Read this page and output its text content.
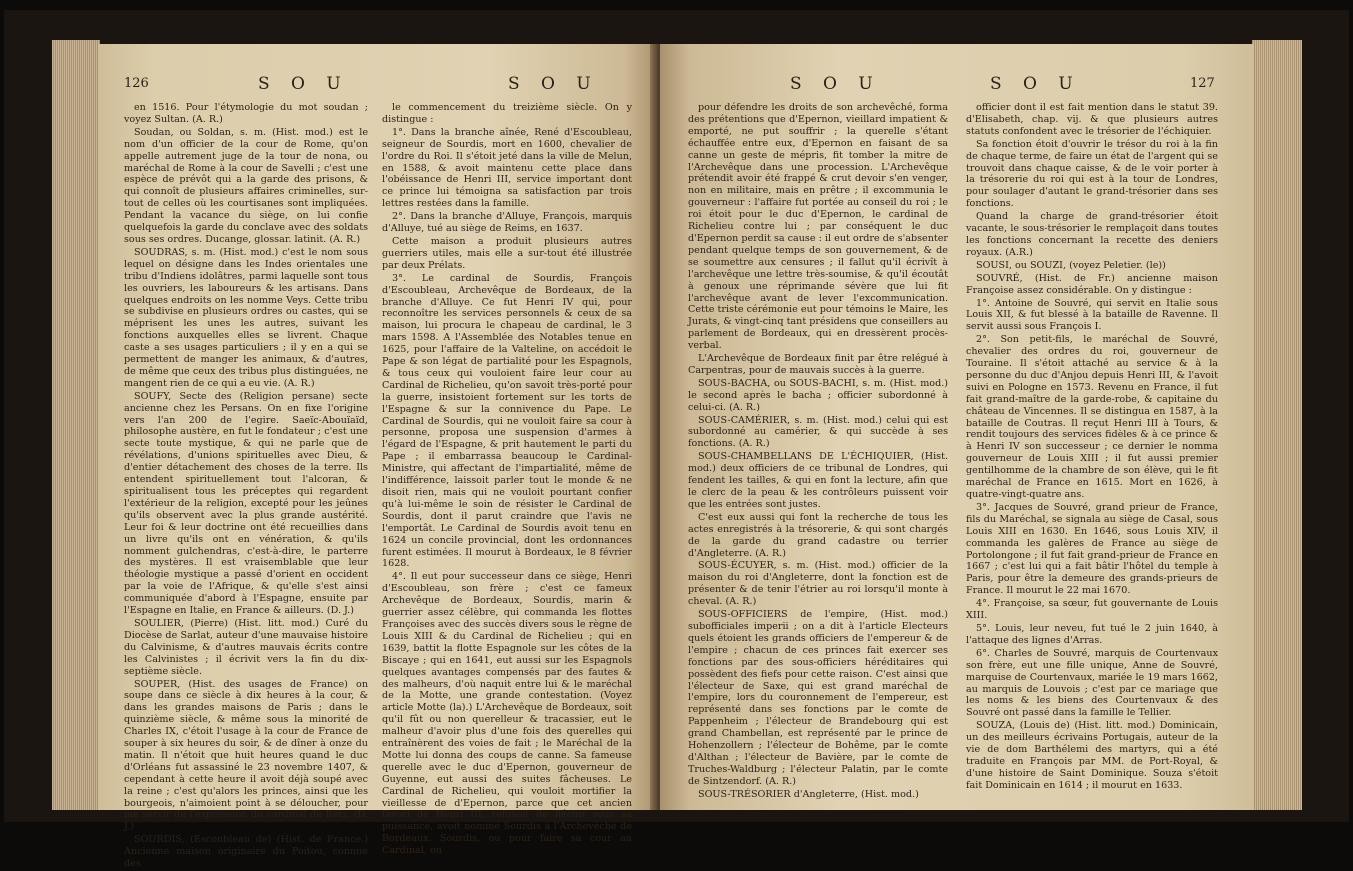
126	S O U	S O U

en 1516. Pour l'étymologie du mot soudan ; voyez Sultan. (A. R.)

Soudan, ou Soldan, s. m. (Hist. mod.) est le nom d'un officier de la cour de Rome, qu'on appelle autrement juge de la tour de nona, ou maréchal de Rome à la cour de Savelli ; c'est une espèce de prévôt qui a la garde des prisons, & qui connoît de plusieurs affaires criminelles, sur-tout de celles où les courtisanes sont impliquées. Pendant la vacance du siège, on lui confie quelquefois la garde du conclave avec des soldats sous ses ordres. Ducange, glossar. latinit. (A. R.)

SOUDRAS, s. m. (Hist. mod.) c'est le nom sous lequel on désigne dans les Indes orientales une tribu d'Indiens idolâtres, parmi laquelle sont tous les ouvriers, les laboureurs & les artisans. Dans quelques endroits on les nomme Veys. Cette tribu se subdivise en plusieurs ordres ou castes, qui se méprisent les unes les autres, suivant les fonctions auxquelles elles se livrent. Chaque caste a ses usages particuliers ; il y en a qui se permettent de manger les animaux, & d'autres, de même que ceux des tribus plus distinguées, ne mangent rien de ce qui a eu vie. (A. R.)

SOUFY, Secte des (Religion persane) secte ancienne chez les Persans. On en fixe l'origine vers l'an 200 de l'egire. Saeïc-Abouïaïd, philosophe austère, en fut le fondateur ; c'est une secte toute mystique, & qui ne parle que de révélations, d'unions spirituelles avec Dieu, & d'entier détachement des choses de la terre. Ils entendent spirituellement tout l'alcoran, & spiritualisent tous les préceptes qui regardent l'extérieur de la religion, excepté pour les jeûnes qu'ils observent avec la plus grande austérité. Leur foi & leur doctrine ont été recueillies dans un livre qu'ils ont en vénération, & qu'ils nomment gulchendras, c'est-à-dire, le parterre des mystères. Il est vraisemblable que leur théologie mystique a passé d'orient en occident par la voie de l'Afrique, & qu'elle s'est ainsi communiquée d'abord à l'Espagne, ensuite par l'Espagne en Italie, en France & ailleurs. (D. J.)

SOULIER, (Pierre) (Hist. litt. mod.) Curé du Diocèse de Sarlat, auteur d'une mauvaise histoire du Calvinisme, & d'autres mauvais écrits contre les Calvinistes ; il écrivit vers la fin du dix-septième siècle.

SOUPER, (Hist. des usages de France) on soupe dans ce siècle à dix heures à la cour, & dans les grandes maisons de Paris ; dans le quinzième siècle, & même sous la minorité de Charles IX, c'étoit l'usage à la cour de France de souper à six heures du soir, & de dîner à onze du matin. Il n'étoit que huit heures quand le duc d'Orléans fut assassiné le 23 novembre 1407, & cependant à cette heure il avoit déjà soupé avec la reine ; c'est qu'alors les princes, ainsi que les bourgeois, n'aimoient point à se déloucher, pour me servir de l'expression du cardinal de Retz. (D. J.)

SOURDIS, (Escoubleau de) (Hist. de France.) Ancienne maison originaire du Poitou, connue dès

le commencement du treizième siècle. On y distingue :

1°. Dans la branche aînée, René d'Escoubleau, seigneur de Sourdis, mort en 1600, chevalier de l'ordre du Roi. Il s'étoit jeté dans la ville de Melun, en 1588, & avoit maintenu cette place dans l'obéissance de Henri III, service important dont ce prince lui témoigna sa satisfaction par trois lettres restées dans la famille.

2°. Dans la branche d'Alluye, François, marquis d'Alluye, tué au siège de Reims, en 1637.

Cette maison a produit plusieurs autres guerriers utiles, mais elle a sur-tout été illustrée par deux Prélats.

3°. Le cardinal de Sourdis, François d'Escoubleau, Archevêque de Bordeaux, de la branche d'Alluye. Ce fut Henri IV qui, pour reconnoître les services personnels & ceux de sa maison, lui procura le chapeau de cardinal, le 3 mars 1598. A l'Assemblée des Notables tenue en 1625, pour l'affaire de la Valteline, on accédoit le Pape & son légat de partialité pour les Espagnols, & tous ceux qui vouloient faire leur cour au Cardinal de Richelieu, qu'on savoit très-porté pour la guerre, insistoient fortement sur les torts de l'Espagne & sur la connivence du Pape. Le Cardinal de Sourdis, qui ne vouloit faire sa cour à personne, proposa une suspension d'armes à l'égard de l'Espagne, & prit hautement le parti du Pape ; il embarrassa beaucoup le Cardinal-Ministre, qui affectant de l'impartialité, même de l'indifférence, laissoit parler tout le monde & ne disoit rien, mais qui ne vouloit pourtant confier qu'à lui-même le soin de résister le Cardinal de Sourdis, dont il parut craindre que l'avis ne l'emportât. Le Cardinal de Sourdis avoit tenu en 1624 un concile provincial, dont les ordonnances furent estimées. Il mourut à Bordeaux, le 8 février 1628.

4°. Il eut pour successeur dans ce siège, Henri d'Escoubleau, son frère ; c'est ce fameux Archevêque de Bordeaux, Sourdis, marin & guerrier assez célèbre, qui commanda les flottes Françoises avec des succès divers sous le règne de Louis XIII & du Cardinal de Richelieu ; qui en 1639, battit la flotte Espagnole sur les côtes de la Biscaye ; qui en 1641, eut aussi sur les Espagnols quelques avantages compensés par des fautes & des malheurs, d'où naquit entre lui & le maréchal de la Motte, une grande contestation. (Voyez article Motte (la).) L'Archevêque de Bordeaux, soit qu'il fût ou non querelleur & tracassier, eut le malheur d'avoir plus d'une fois des querelles qui entraînèrent des voies de fait ; le Maréchal de la Motte lui donna des coups de canne. Sa fameuse querelle avec le duc d'Epernon, gouverneur de Guyenne, eut aussi des suites fâcheuses. Le Cardinal de Richelieu, qui vouloit mortifier la vieillesse de d'Epernon, parce que cet ancien favori de Henri III, refusoit de fléchir sous sa puissance, avoit nommé Sourdis à l'Archevêché de Bordeaux. Sourdis, ou pour faire sa cour au Cardinal, ou

S O U	S O U	127

pour défendre les droits de son archevêché, forma des prétentions que d'Epernon, vieillard impatient & emporté, ne put souffrir ; la querelle s'étant échauffée entre eux, d'Epernon en faisant de sa canne un geste de mépris, fit tomber la mitre de l'Archevêque dans une procession. L'Archevêque prétendit avoir été frappé & crut devoir s'en venger, non en militaire, mais en prêtre ; il excommunia le gouverneur : l'affaire fut portée au conseil du roi ; le roi étoit pour le duc d'Epernon, le cardinal de Richelieu contre lui ; par conséquent le duc d'Epernon perdit sa cause : il eut ordre de s'absenter pendant quelque temps de son gouvernement, & de se soumettre aux censures ; il fallut qu'il écrivît à l'archevêque une lettre très-soumise, & qu'il écoutât à genoux une réprimande sévère que lui fit l'archevêque avant de lever l'excommunication. Cette triste cérémonie eut pour témoins le Maire, les Jurats, & vingt-cinq tant présidens que conseillers au parlement de Bordeaux, qui en dressèrent procès-verbal.

L'Archevêque de Bordeaux finit par être relégué à Carpentras, pour de mauvais succès à la guerre.

SOUS-BACHA, ou SOUS-BACHI, s. m. (Hist. mod.) le second après le bacha ; officier subordonné à celui-ci. (A. R.)

SOUS-CAMÉRIER, s. m. (Hist. mod.) celui qui est subordonné au camérier, & qui succède à ses fonctions. (A. R.)

SOUS-CHAMBELLANS DE L'ÉCHIQUIER, (Hist. mod.) deux officiers de ce tribunal de Londres, qui fendent les tailles, & qui en font la lecture, afin que le clerc de la peau & les contrôleurs puissent voir que les entrées sont justes.

C'est eux aussi qui font la recherche de tous les actes enregistrés à la trésorerie, & qui sont chargés de la garde du grand cadastre ou terrier d'Angleterre. (A. R.)

SOUS-ÉCUYER, s. m. (Hist. mod.) officier de la maison du roi d'Angleterre, dont la fonction est de présenter & de tenir l'étrier au roi lorsqu'il monte à cheval. (A. R.)

SOUS-OFFICIERS de l'empire, (Hist. mod.) subofficiales imperii ; on a dit à l'article Electeurs quels étoient les grands officiers de l'empereur & de l'empire ; chacun de ces princes fait exercer ses fonctions par des sous-officiers héréditaires qui possèdent des fiefs pour cette raison. C'est ainsi que l'électeur de Saxe, qui est grand maréchal de l'empire, lors du couronnement de l'empereur, est représenté dans ses fonctions par le comte de Pappenheim ; l'électeur de Brandebourg qui est grand Chambellan, est représenté par le prince de Hohenzollern ; l'électeur de Bohême, par le comte d'Althan ; l'électeur de Bavière, par le comte de Truches-Waldburg ; l'électeur Palatin, par le comte de Sintzendorf. (A. R.)

SOUS-TRÉSORIER d'Angleterre, (Hist. mod.)

officier dont il est fait mention dans le statut 39. d'Elisabeth, chap. vij. & que plusieurs autres statuts confondent avec le trésorier de l'échiquier.

Sa fonction étoit d'ouvrir le trésor du roi à la fin de chaque terme, de faire un état de l'argent qui se trouvoit dans chaque caisse, & de le voir porter à la trésorerie du roi qui est à la tour de Londres, pour soulager d'autant le grand-trésorier dans ses fonctions.

Quand la charge de grand-trésorier étoit vacante, le sous-trésorier le remplaçoit dans toutes les fonctions concernant la recette des deniers royaux. (A.R.)

SOUSI, ou SOUZI, (voyez Peletier. (le))

SOUVRÉ, (Hist. de Fr.) ancienne maison Françoise assez considérable. On y distingue :

1°. Antoine de Souvré, qui servit en Italie sous Louis XII, & fut blessé à la bataille de Ravenne. Il servit aussi sous François I.

2°. Son petit-fils, le maréchal de Souvré, chevalier des ordres du roi, gouverneur de Touraine. Il s'étoit attaché au service & à la personne du duc d'Anjou depuis Henri III, & l'avoit suivi en Pologne en 1573. Revenu en France, il fut fait grand-maître de la garde-robe, & capitaine du château de Vincennes. Il se distingua en 1587, à la bataille de Coutras. Il reçut Henri III à Tours, & rendit toujours des services fidèles & à ce prince & à Henri IV son successeur ; ce dernier le nomma gouverneur de Louis XIII ; il fut aussi premier gentilhomme de la chambre de son élève, qui le fit maréchal de France en 1615. Mort en 1626, à quatre-vingt-quatre ans.

3°. Jacques de Souvré, grand prieur de France, fils du Maréchal, se signala au siège de Casal, sous Louis XIII en 1630. En 1646, sous Louis XIV, il commanda les galères de France au siège de Portolongone ; il fut fait grand-prieur de France en 1667 ; c'est lui qui a fait bâtir l'hôtel du temple à Paris, pour être la demeure des grands-prieurs de France. Il mourut le 22 mai 1670.

4°. Françoise, sa sœur, fut gouvernante de Louis XIII.

5°. Louis, leur neveu, fut tué le 2 juin 1640, à l'attaque des lignes d'Arras.

6°. Charles de Souvré, marquis de Courtenvaux son frère, eut une fille unique, Anne de Souvré, marquise de Courtenvaux, mariée le 19 mars 1662, au marquis de Louvois ; c'est par ce mariage que les noms & les biens des Courtenvaux & des Souvré ont passé dans la famille le Tellier.

SOUZA, (Louis de) (Hist. litt. mod.) Dominicain, un des meilleurs écrivains Portugais, auteur de la vie de dom Barthélemi des martyrs, qui a été traduite en François par MM. de Port-Royal, & d'une histoire de Saint Dominique. Souza s'étoit fait Dominicain en 1614 ; il mourut en 1633.
